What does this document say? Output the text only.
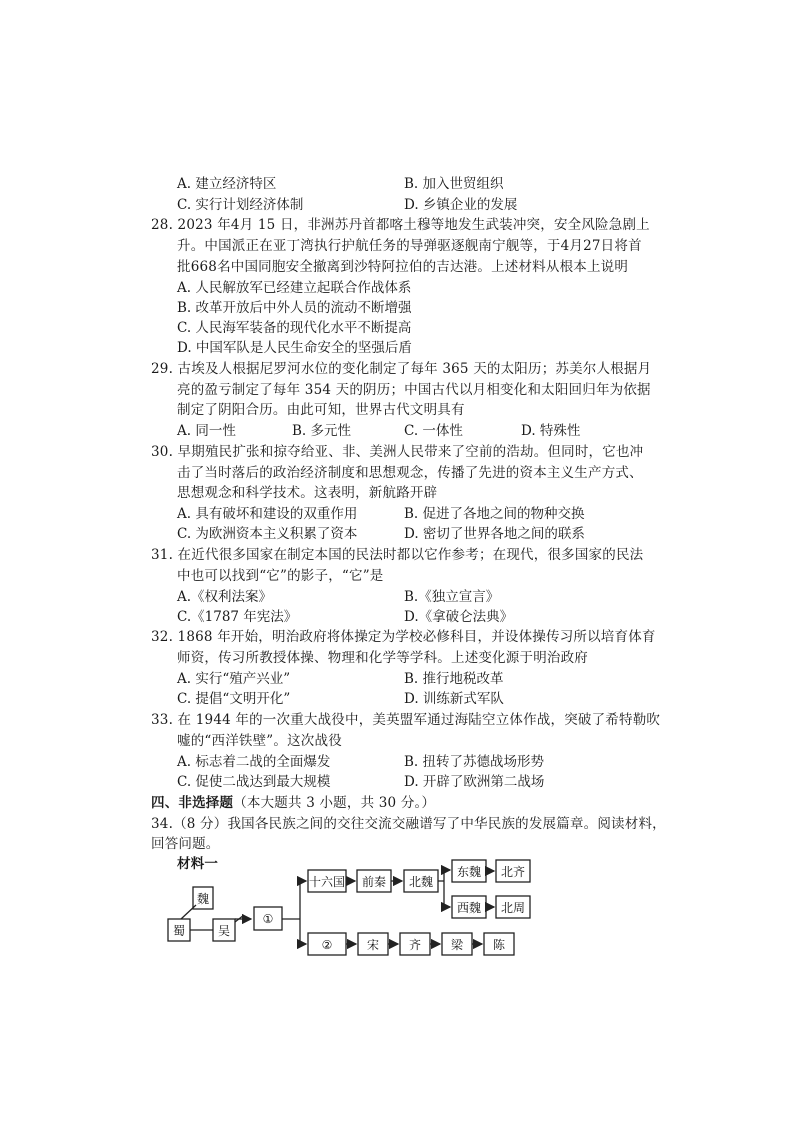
A. 建立经济特区	B. 加入世贸组织
C. 实行计划经济体制	D. 乡镇企业的发展
28. 2023 年4月 15 日，非洲苏丹首都喀土穆等地发生武装冲突，安全风险急剧上
升。中国派正在亚丁湾执行护航任务的导弹驱逐舰南宁舰等，于4月27日将首
批668名中国同胞安全撤离到沙特阿拉伯的吉达港。上述材料从根本上说明
A. 人民解放军已经建立起联合作战体系
B. 改革开放后中外人员的流动不断增强
C. 人民海军装备的现代化水平不断提高
D. 中国军队是人民生命安全的坚强后盾
29. 古埃及人根据尼罗河水位的变化制定了每年 365 天的太阳历；苏美尔人根据月
亮的盈亏制定了每年 354 天的阴历；中国古代以月相变化和太阳回归年为依据
制定了阴阳合历。由此可知，世界古代文明具有
A. 同一性	B. 多元性	C. 一体性	D. 特殊性
30. 早期殖民扩张和掠夺给亚、非、美洲人民带来了空前的浩劫。但同时，它也冲
击了当时落后的政治经济制度和思想观念，传播了先进的资本主义生产方式、
思想观念和科学技术。这表明，新航路开辟
A. 具有破坏和建设的双重作用	B. 促进了各地之间的物种交换
C. 为欧洲资本主义积累了资本	D. 密切了世界各地之间的联系
31. 在近代很多国家在制定本国的民法时都以它作参考；在现代，很多国家的民法
中也可以找到“它”的影子，“它”是
A.《权利法案》	B.《独立宣言》
C.《1787 年宪法》	D.《拿破仑法典》
32. 1868 年开始，明治政府将体操定为学校必修科目，并设体操传习所以培育体育
师资，传习所教授体操、物理和化学等学科。上述变化源于明治政府
A. 实行“殖产兴业”	B. 推行地税改革
C. 提倡“文明开化”	D. 训练新式军队
33. 在 1944 年的一次重大战役中，美英盟军通过海陆空立体作战，突破了希特勒吹
嘘的“西洋铁壁”。这次战役
A. 标志着二战的全面爆发	B. 扭转了苏德战场形势
C. 促使二战达到最大规模	D. 开辟了欧洲第二战场
四、非选择题（本大题共 3 小题，共 30 分。）
34.（8 分）我国各民族之间的交往交流交融谱写了中华民族的发展篇章。阅读材料，
回答问题。
材料一
魏
蜀	吴
①
十六国 前秦 北魏
东魏 北齐
西魏 北周
②	宋 齐 梁 陈
